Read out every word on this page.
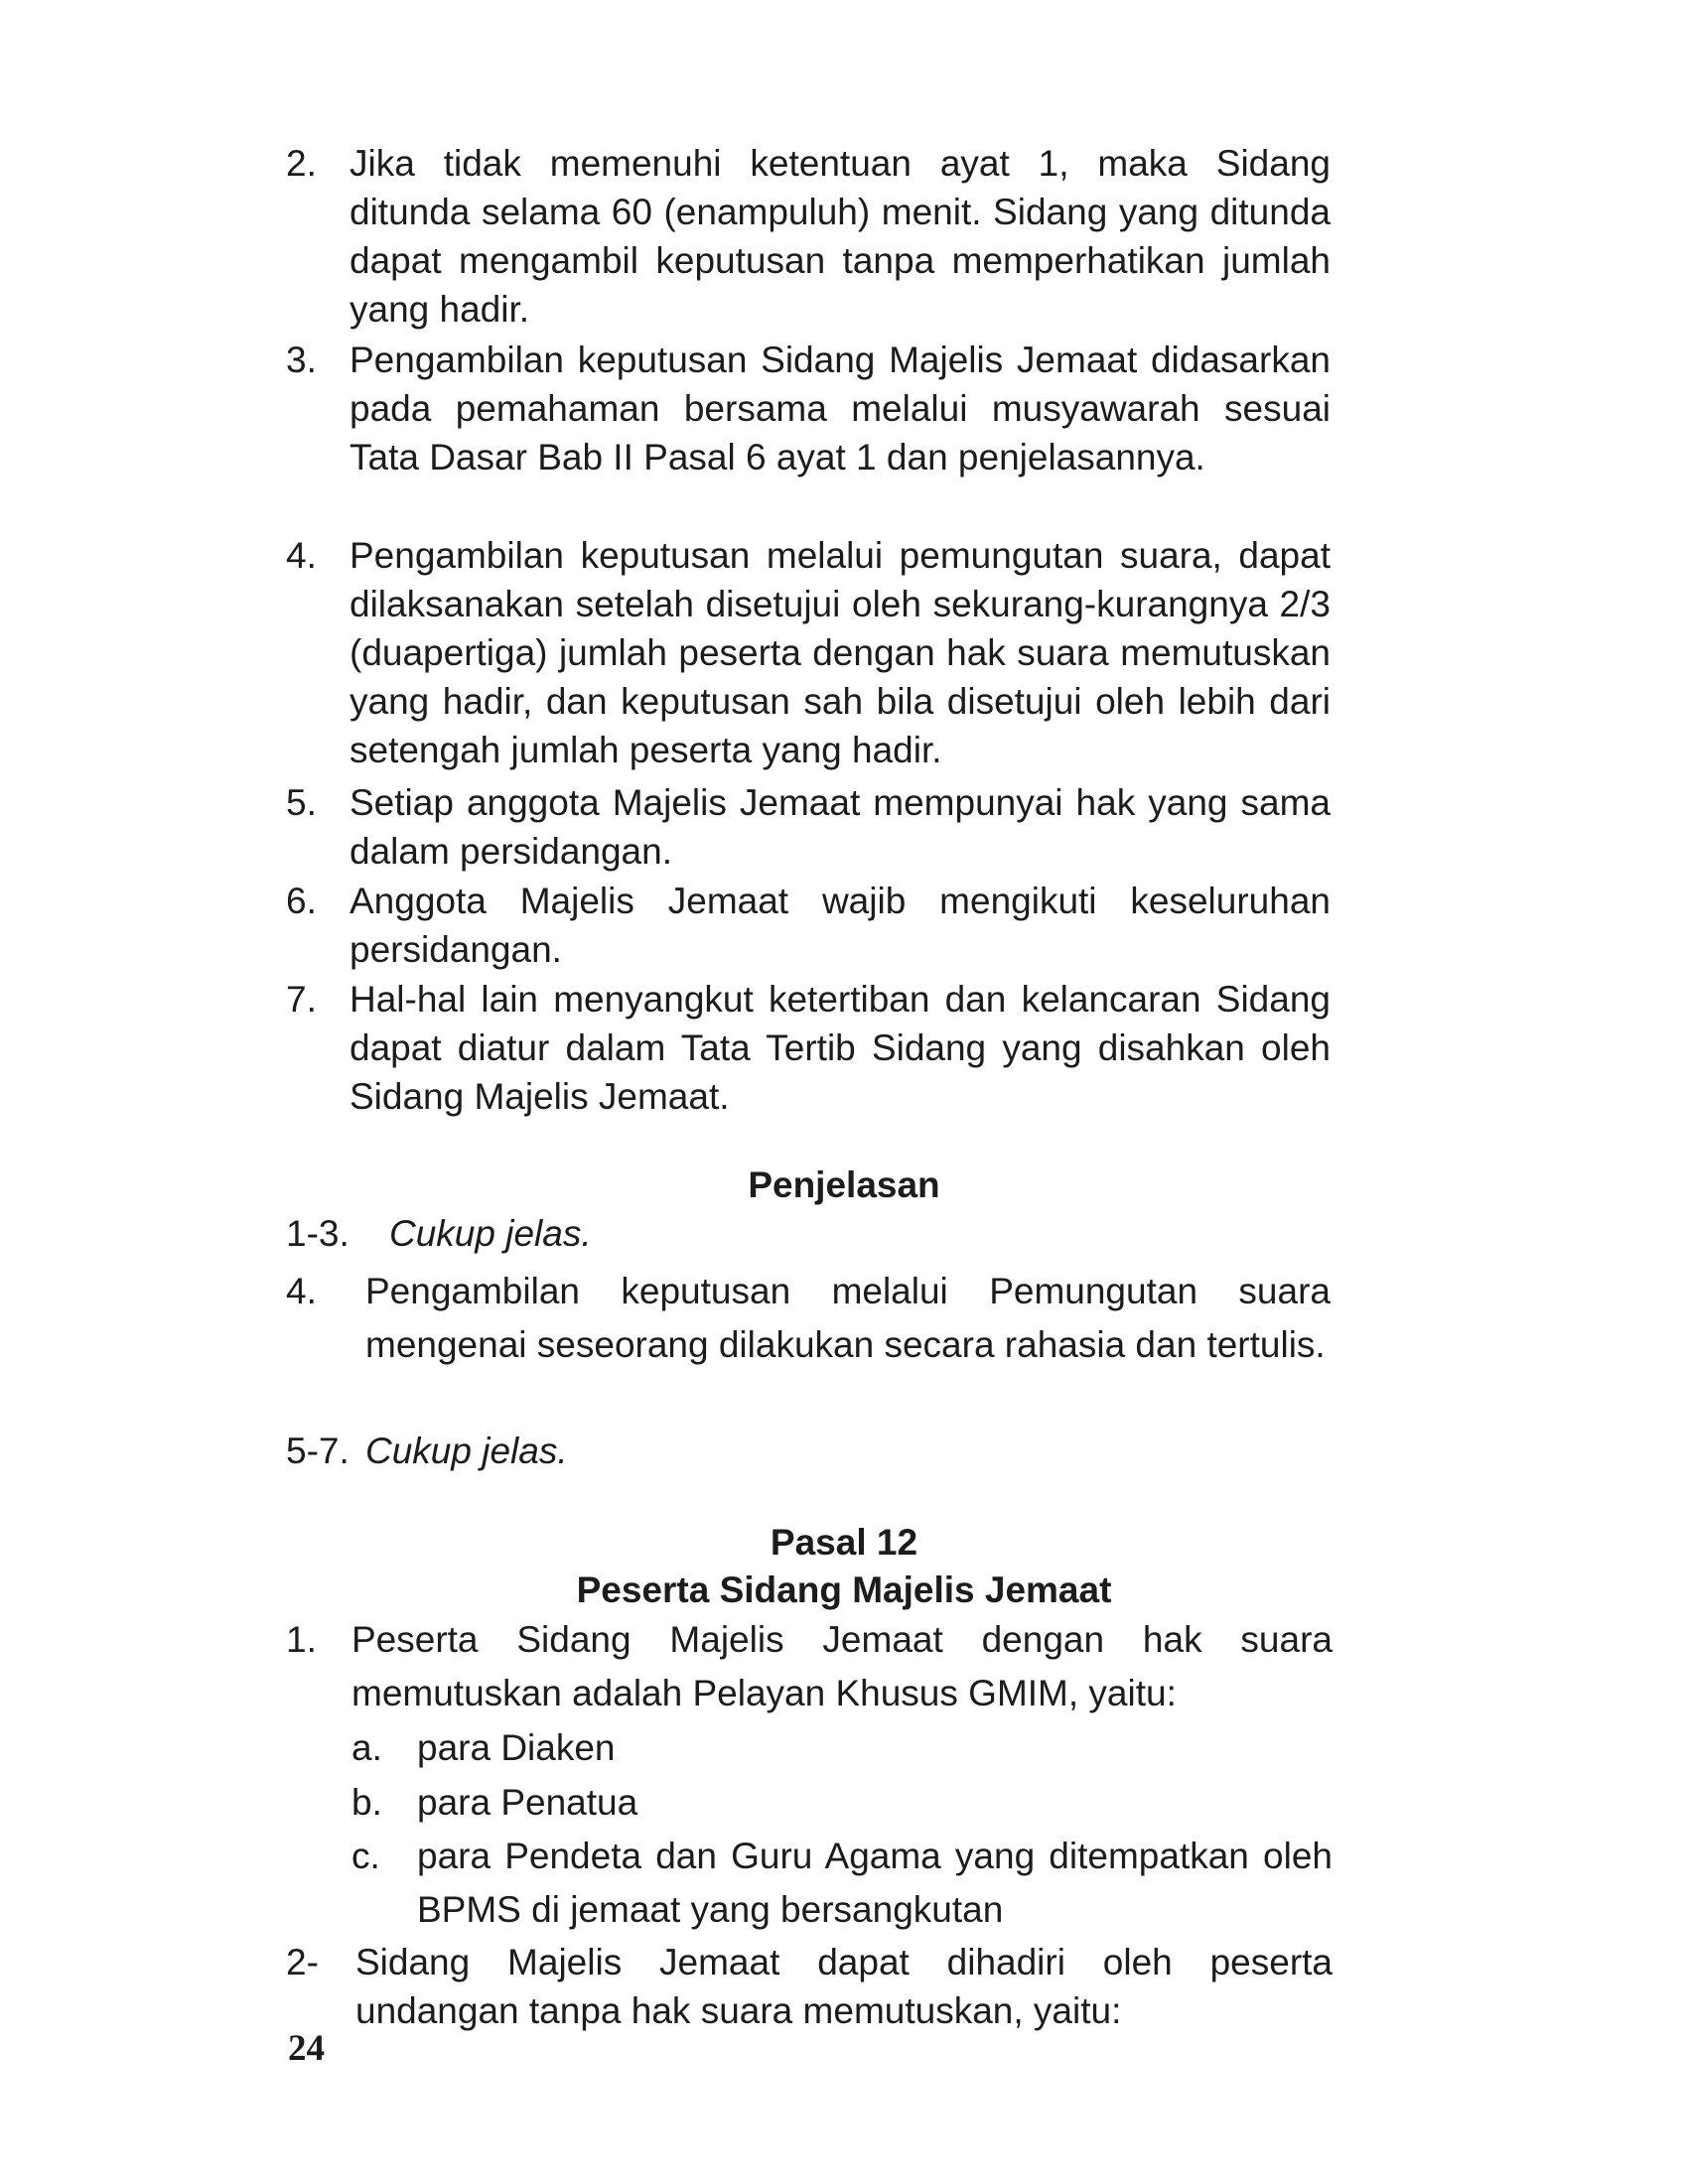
2. Jika tidak memenuhi ketentuan ayat 1, maka Sidang ditunda selama 60 (enampuluh) menit. Sidang yang ditunda dapat mengambil keputusan tanpa memperhatikan jumlah yang hadir.
3. Pengambilan keputusan Sidang Majelis Jemaat didasarkan pada pemahaman bersama melalui musyawarah sesuai Tata Dasar Bab II Pasal 6 ayat 1 dan penjelasannya.
4. Pengambilan keputusan melalui pemungutan suara, dapat dilaksanakan setelah disetujui oleh sekurang-kurangnya 2/3 (duapertiga) jumlah peserta dengan hak suara memutuskan yang hadir, dan keputusan sah bila disetujui oleh lebih dari setengah jumlah peserta yang hadir.
5. Setiap anggota Majelis Jemaat mempunyai hak yang sama dalam persidangan.
6. Anggota Majelis Jemaat wajib mengikuti keseluruhan persidangan.
7. Hal-hal lain menyangkut ketertiban dan kelancaran Sidang dapat diatur dalam Tata Tertib Sidang yang disahkan oleh Sidang Majelis Jemaat.
Penjelasan
1-3. Cukup jelas.
4. Pengambilan keputusan melalui Pemungutan suara mengenai seseorang dilakukan secara rahasia dan tertulis.
5-7. Cukup jelas.
Pasal 12
Peserta Sidang Majelis Jemaat
1. Peserta Sidang Majelis Jemaat dengan hak suara memutuskan adalah Pelayan Khusus GMIM, yaitu:
a. para Diaken
b. para Penatua
c. para Pendeta dan Guru Agama yang ditempatkan oleh BPMS di jemaat yang bersangkutan
2- Sidang Majelis Jemaat dapat dihadiri oleh peserta undangan tanpa hak suara memutuskan, yaitu:
24
